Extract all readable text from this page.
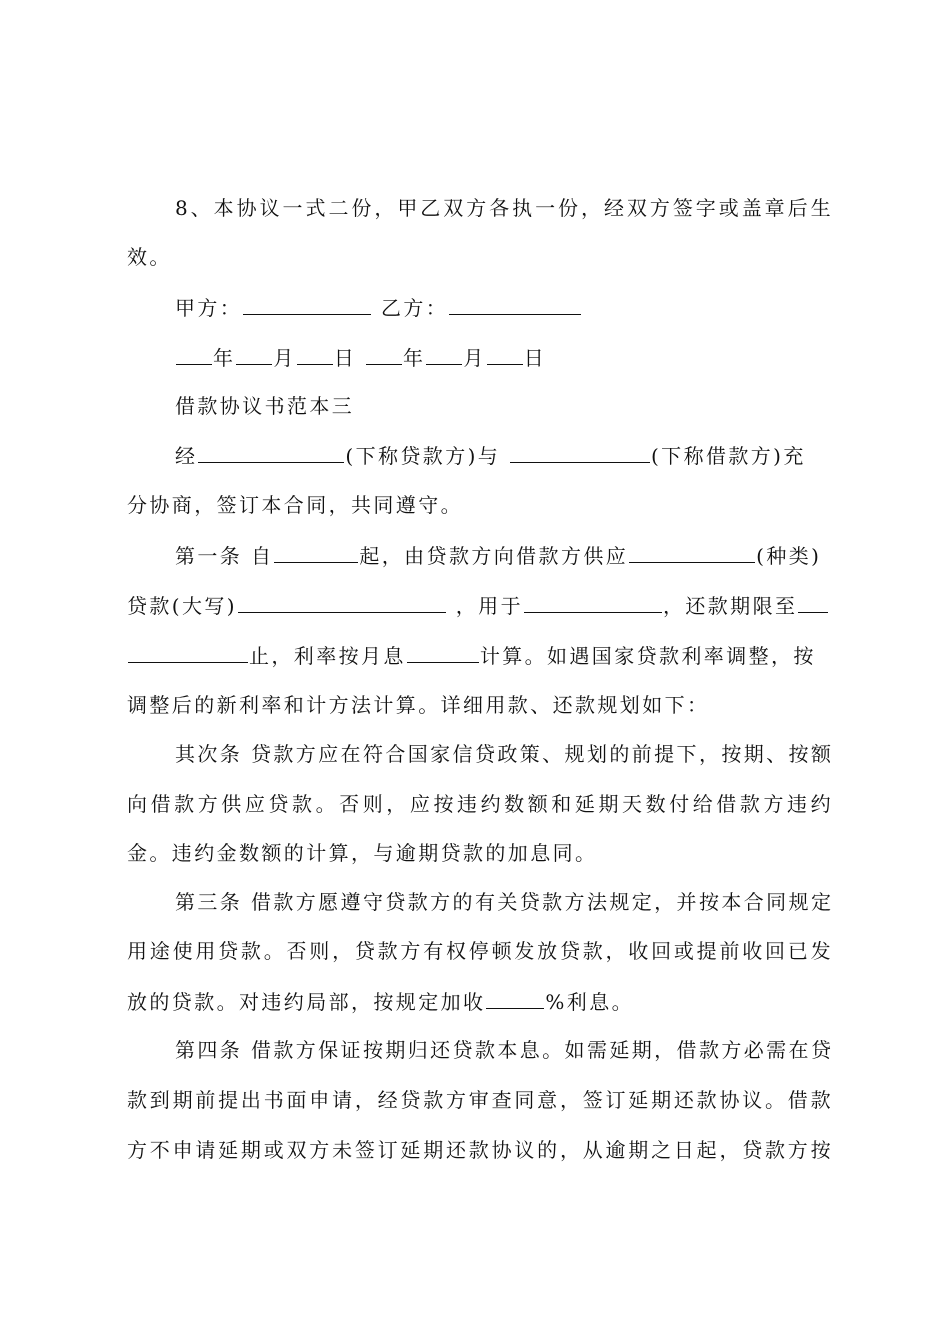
8、本协议一式二份，甲乙双方各执一份，经双方签字或盖章后生
效。
甲方：	乙方：
年 月 日 年 月 日
借款协议书范本三
经	(下称贷款方)与	(下称借款方)充
分协商，签订本合同，共同遵守。
第一条 自	起，由贷款方向借款方供应	(种类)
贷款(大写)	，用于	，还款期限至
止，利率按月息	计算。如遇国家贷款利率调整，按
调整后的新利率和计方法计算。详细用款、还款规划如下：
其次条 贷款方应在符合国家信贷政策、规划的前提下，按期、按额
向借款方供应贷款。否则，应按违约数额和延期天数付给借款方违约
金。违约金数额的计算，与逾期贷款的加息同。
第三条 借款方愿遵守贷款方的有关贷款方法规定，并按本合同规定
用途使用贷款。否则，贷款方有权停顿发放贷款，收回或提前收回已发
放的贷款。对违约局部，按规定加收	%利息。
第四条 借款方保证按期归还贷款本息。如需延期，借款方必需在贷
款到期前提出书面申请，经贷款方审查同意，签订延期还款协议。借款
方不申请延期或双方未签订延期还款协议的，从逾期之日起，贷款方按
